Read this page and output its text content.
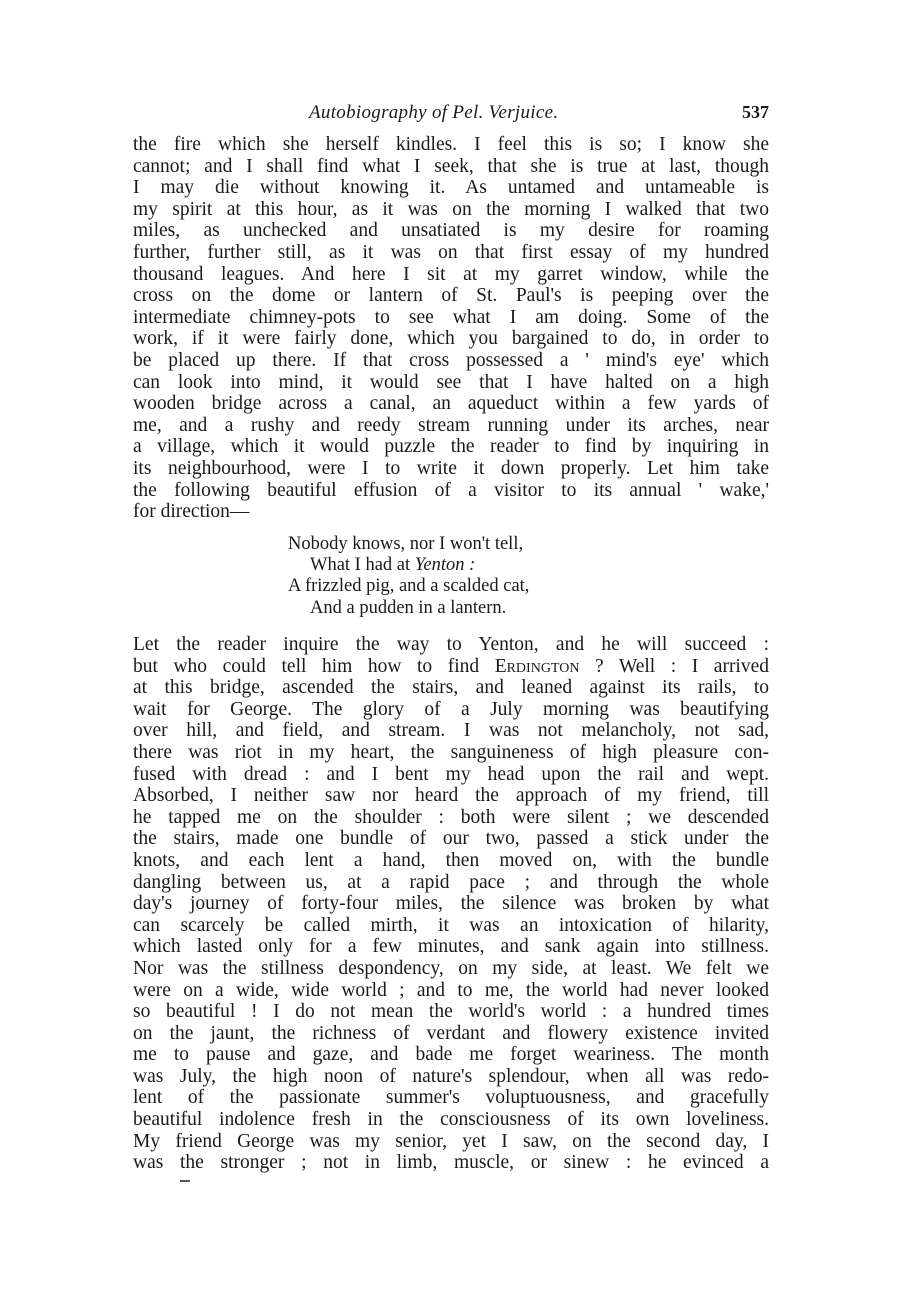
Autobiography of Pel. Verjuice.	537
the fire which she herself kindles. I feel this is so; I know she
cannot; and I shall find what I seek, that she is true at last, though
I may die without knowing it. As untamed and untameable is
my spirit at this hour, as it was on the morning I walked that two
miles, as unchecked and unsatiated is my desire for roaming
further, further still, as it was on that first essay of my hundred
thousand leagues. And here I sit at my garret window, while the
cross on the dome or lantern of St. Paul's is peeping over the
intermediate chimney-pots to see what I am doing. Some of the
work, if it were fairly done, which you bargained to do, in order to
be placed up there. If that cross possessed a ' mind's eye' which
can look into mind, it would see that I have halted on a high
wooden bridge across a canal, an aqueduct within a few yards of
me, and a rushy and reedy stream running under its arches, near
a village, which it would puzzle the reader to find by inquiring in
its neighbourhood, were I to write it down properly. Let him take
the following beautiful effusion of a visitor to its annual ' wake,'
for direction—
Nobody knows, nor I won't tell,
What I had at Yenton :
A frizzled pig, and a scalded cat,
And a pudden in a lantern.
Let the reader inquire the way to Yenton, and he will succeed :
but who could tell him how to find Erdington ? Well : I arrived
at this bridge, ascended the stairs, and leaned against its rails, to
wait for George. The glory of a July morning was beautifying
over hill, and field, and stream. I was not melancholy, not sad,
there was riot in my heart, the sanguineness of high pleasure con-
fused with dread : and I bent my head upon the rail and wept.
Absorbed, I neither saw nor heard the approach of my friend, till
he tapped me on the shoulder : both were silent ; we descended
the stairs, made one bundle of our two, passed a stick under the
knots, and each lent a hand, then moved on, with the bundle
dangling between us, at a rapid pace ; and through the whole
day's journey of forty-four miles, the silence was broken by what
can scarcely be called mirth, it was an intoxication of hilarity,
which lasted only for a few minutes, and sank again into stillness.
Nor was the stillness despondency, on my side, at least. We felt we
were on a wide, wide world ; and to me, the world had never looked
so beautiful ! I do not mean the world's world : a hundred times
on the jaunt, the richness of verdant and flowery existence invited
me to pause and gaze, and bade me forget weariness. The month
was July, the high noon of nature's splendour, when all was redo-
lent of the passionate summer's voluptuousness, and gracefully
beautiful indolence fresh in the consciousness of its own loveliness.
My friend George was my senior, yet I saw, on the second day, I
was the stronger ; not in limb, muscle, or sinew : he evinced a
